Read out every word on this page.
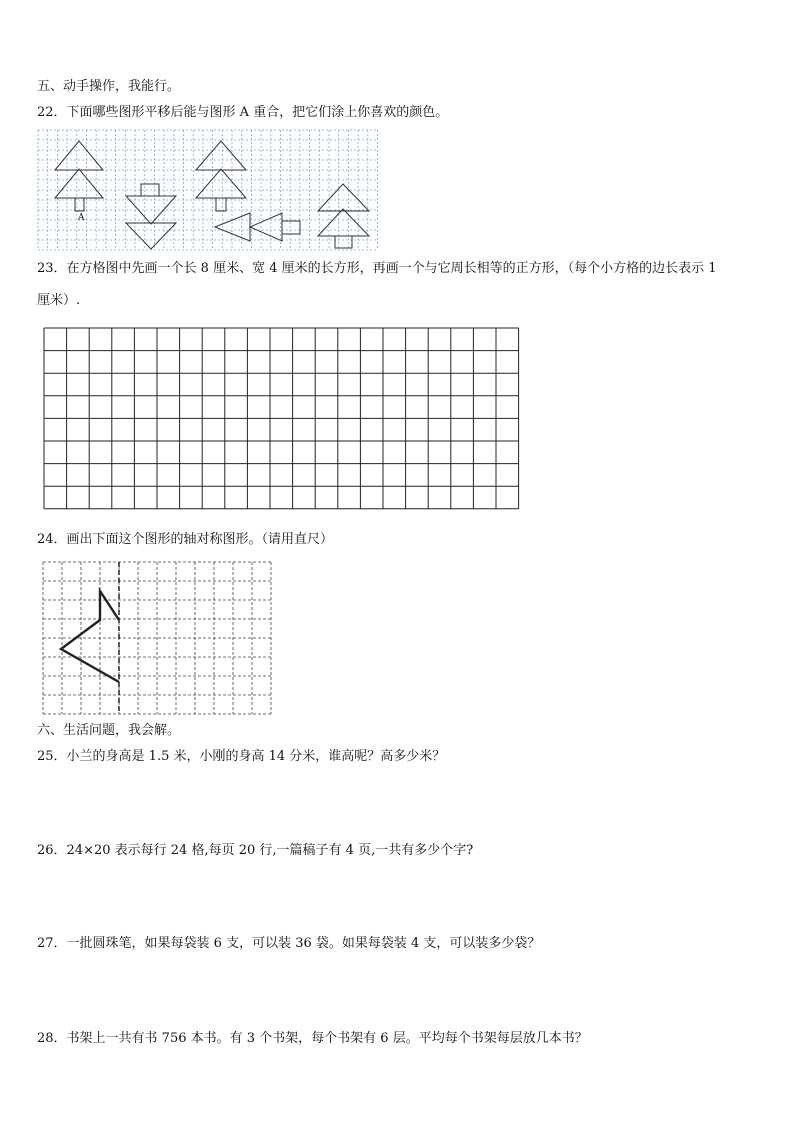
五、动手操作，我能行。
22．下面哪些图形平移后能与图形 A 重合，把它们涂上你喜欢的颜色。
A
23．在方格图中先画一个长 8 厘米、宽 4 厘米的长方形，再画一个与它周长相等的正方形，（每个小方格的边长表示 1
厘米）.
24．画出下面这个图形的轴对称图形。（请用直尺）
六、生活问题，我会解。
25．小兰的身高是 1.5 米，小刚的身高 14 分米，谁高呢？高多少米？
26．24×20 表示每行 24 格,每页 20 行,一篇稿子有 4 页,一共有多少个字?
27．一批圆珠笔，如果每袋装 6 支，可以装 36 袋。如果每袋装 4 支，可以装多少袋？
28．书架上一共有书 756 本书。有 3 个书架，每个书架有 6 层。平均每个书架每层放几本书？
